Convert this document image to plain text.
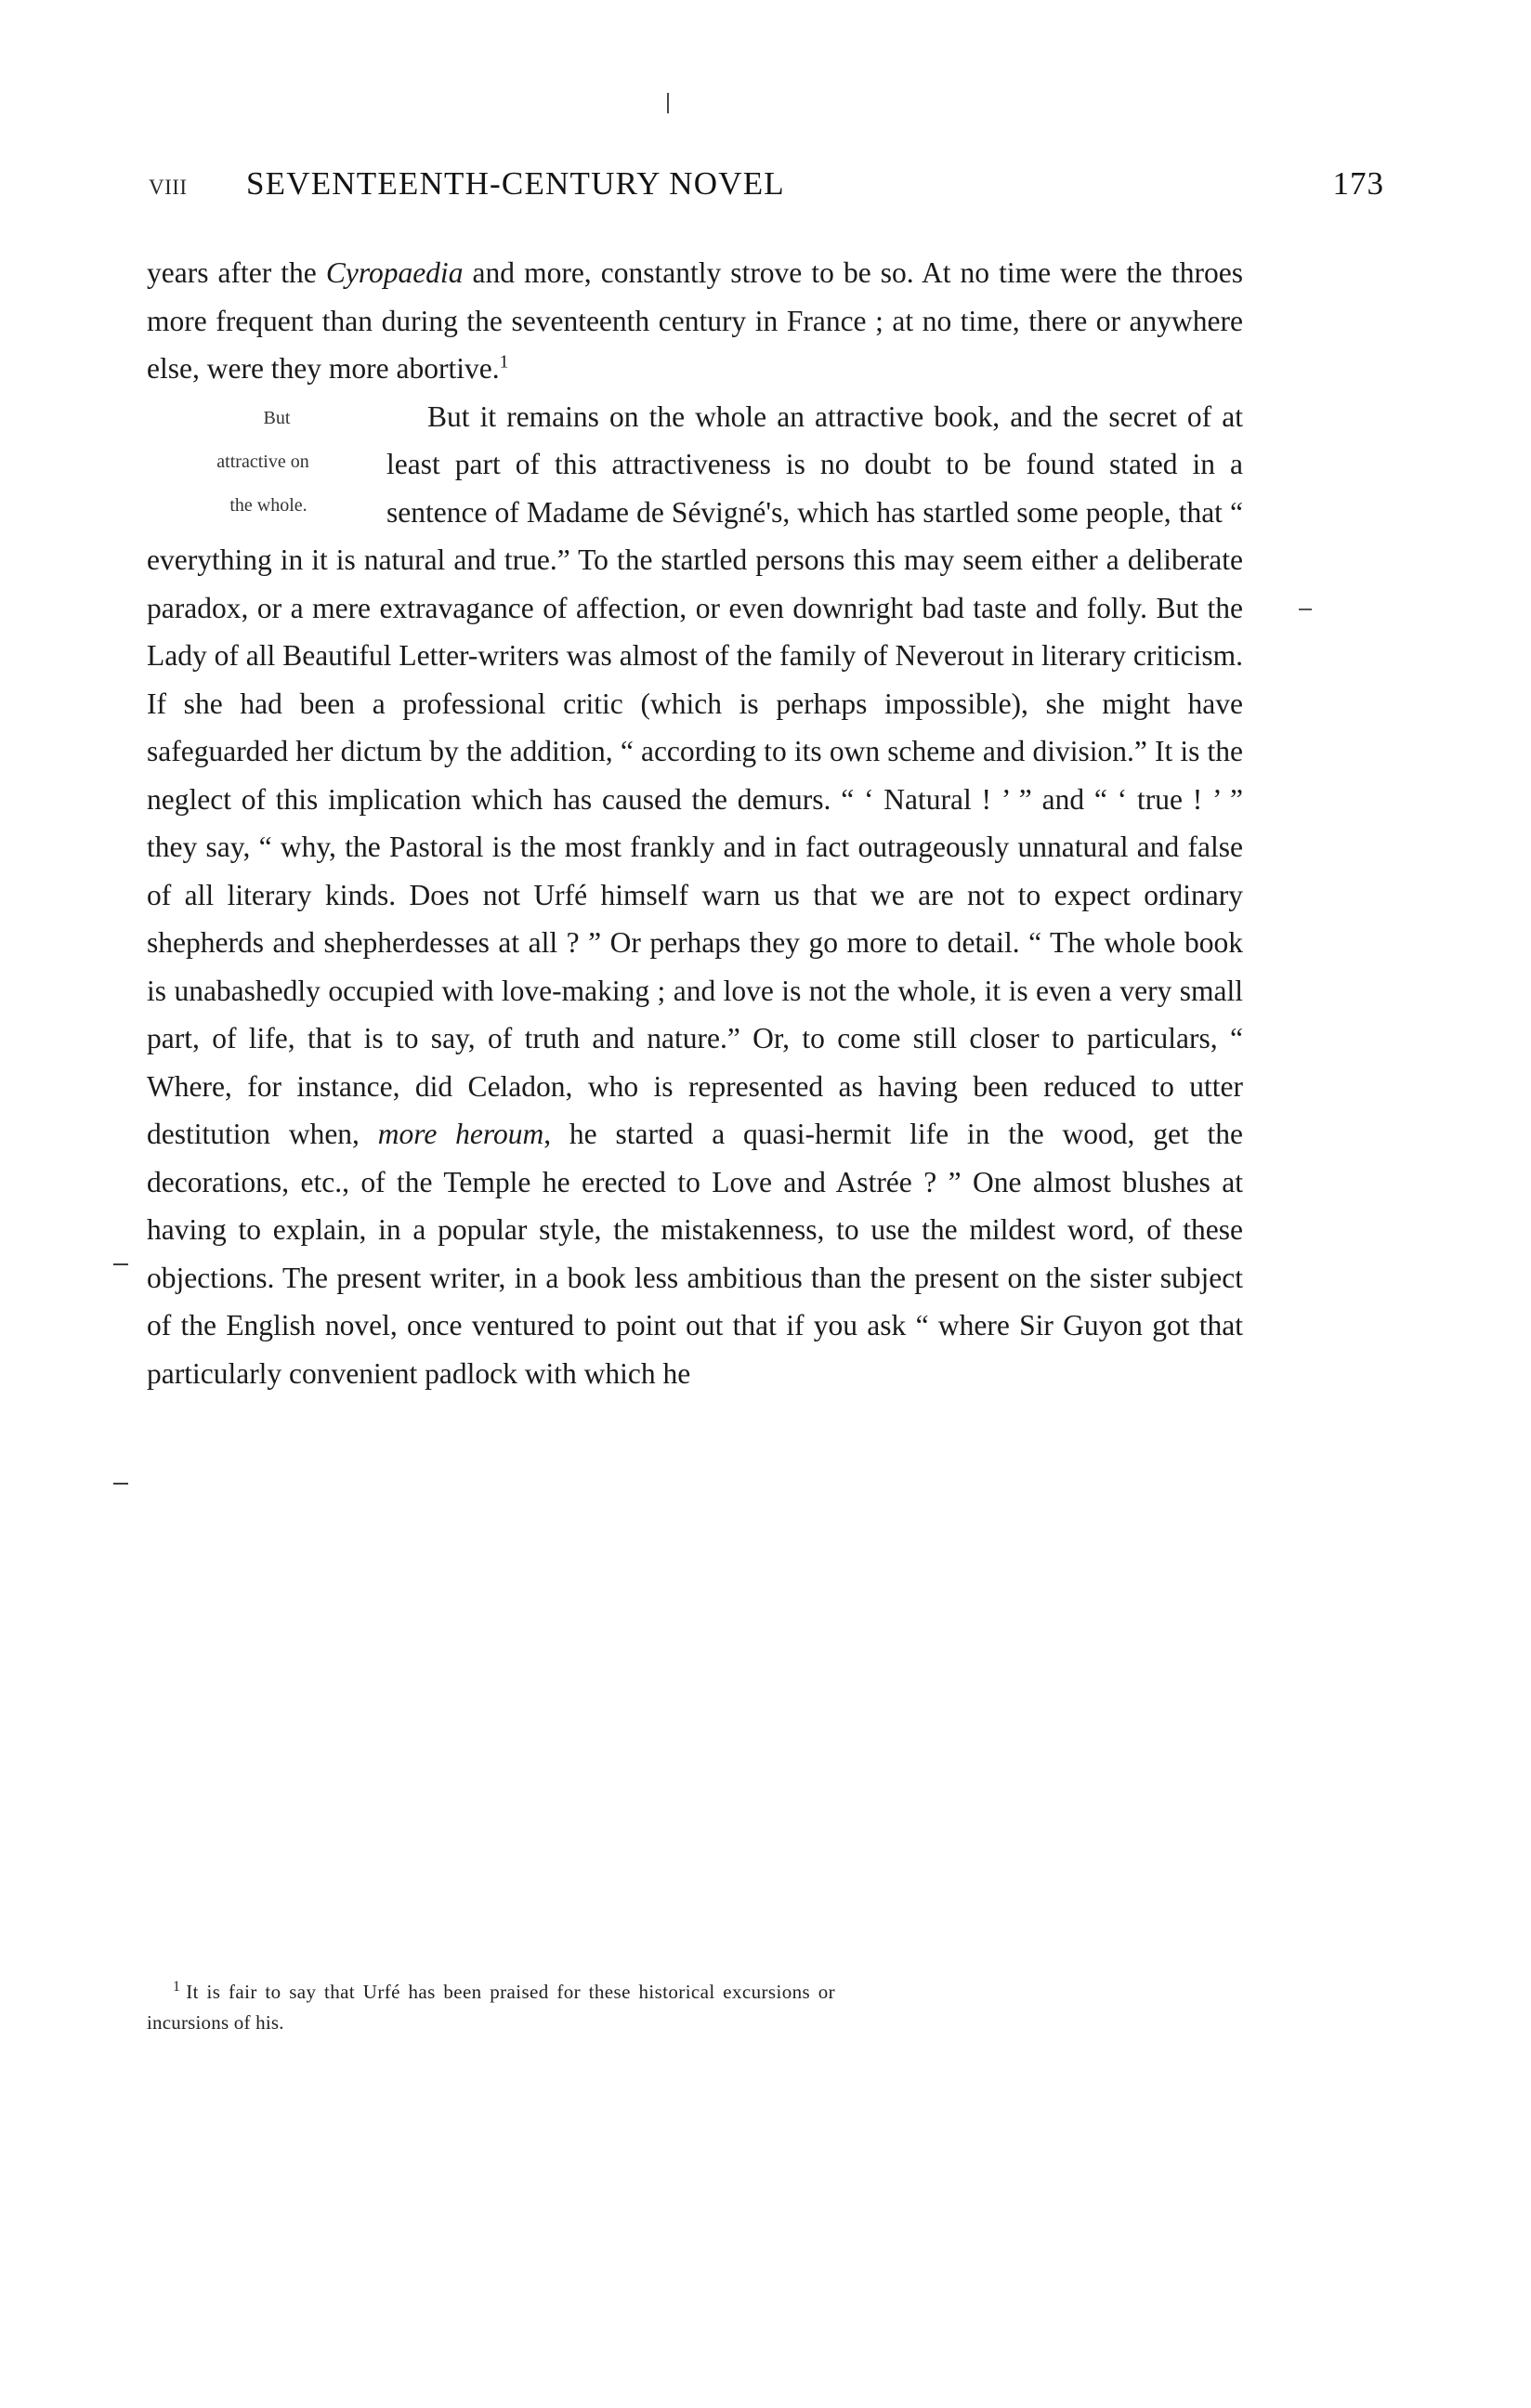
VIII	SEVENTEENTH-CENTURY NOVEL	173

years after the Cyropaedia and more, constantly strove to be so. At no time were the throes more frequent than during the seventeenth century in France ; at no time, there or anywhere else, were they more abortive.$^1$

But
attractive on
the whole.
But it remains on the whole an attractive book, and the secret of at least part of this attractiveness is no doubt to be found stated in a sentence of Madame de Sévigné's, which has startled some people, that “ everything in it is natural and true.” To the startled persons this may seem either a deliberate paradox, or a mere extravagance of affection, or even downright bad taste and folly. But the Lady of all Beautiful Letter-writers was almost of the family of Neverout in literary criticism. If she had been a professional critic (which is perhaps impossible), she might have safeguarded her dictum by the addition, “ according to its own scheme and division.” It is the neglect of this implication which has caused the demurs. “ ‘ Natural ! ’ ” and “ ‘ true ! ’ ” they say, “ why, the Pastoral is the most frankly and in fact outrageously unnatural and false of all literary kinds. Does not Urfé himself warn us that we are not to expect ordinary shepherds and shepherdesses at all ? ” Or perhaps they go more to detail. “ The whole book is unabashedly occupied with love-making ; and love is not the whole, it is even a very small part, of life, that is to say, of truth and nature.” Or, to come still closer to particulars, “ Where, for instance, did Celadon, who is represented as having been reduced to utter destitution when, more heroum, he started a quasi-hermit life in the wood, get the decorations, etc., of the Temple he erected to Love and Astrée ? ” One almost blushes at having to explain, in a popular style, the mistakenness, to use the mildest word, of these objections. The present writer, in a book less ambitious than the present on the sister subject of the English novel, once ventured to point out that if you ask “ where Sir Guyon got that particularly convenient padlock with which he

$^1$ It is fair to say that Urfé has been praised for these historical excursions or
incursions of his.
